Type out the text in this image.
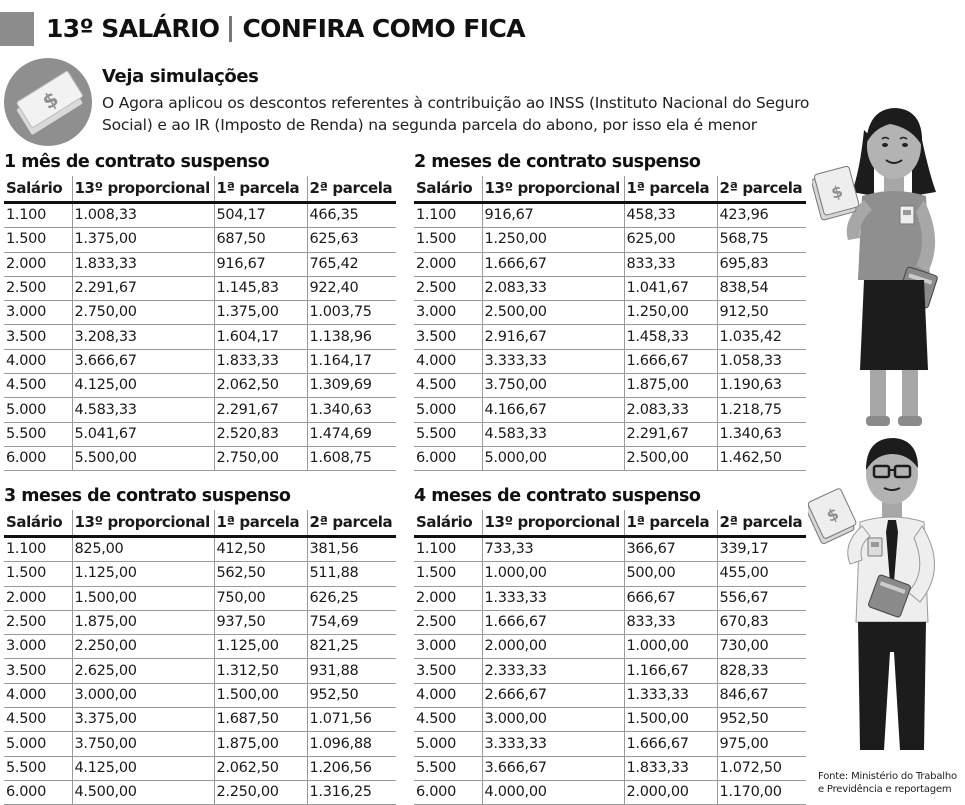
13º SALÁRIO CONFIRA COMO FICA
$
Veja simulações
O Agora aplicou os descontos referentes à contribuição ao INSS (Instituto Nacional do Seguro Social) e ao IR (Imposto de Renda) na segunda parcela do abono, por isso ela é menor
1 mês de contrato suspenso
Salário	13º proporcional	1ª parcela	2ª parcela
1.100	1.008,33	504,17	466,35
1.500	1.375,00	687,50	625,63
2.000	1.833,33	916,67	765,42
2.500	2.291,67	1.145,83	922,40
3.000	2.750,00	1.375,00	1.003,75
3.500	3.208,33	1.604,17	1.138,96
4.000	3.666,67	1.833,33	1.164,17
4.500	4.125,00	2.062,50	1.309,69
5.000	4.583,33	2.291,67	1.340,63
5.500	5.041,67	2.520,83	1.474,69
6.000	5.500,00	2.750,00	1.608,75
2 meses de contrato suspenso
Salário	13º proporcional	1ª parcela	2ª parcela
1.100	916,67	458,33	423,96
1.500	1.250,00	625,00	568,75
2.000	1.666,67	833,33	695,83
2.500	2.083,33	1.041,67	838,54
3.000	2.500,00	1.250,00	912,50
3.500	2.916,67	1.458,33	1.035,42
4.000	3.333,33	1.666,67	1.058,33
4.500	3.750,00	1.875,00	1.190,63
5.000	4.166,67	2.083,33	1.218,75
5.500	4.583,33	2.291,67	1.340,63
6.000	5.000,00	2.500,00	1.462,50
3 meses de contrato suspenso
Salário	13º proporcional	1ª parcela	2ª parcela
1.100	825,00	412,50	381,56
1.500	1.125,00	562,50	511,88
2.000	1.500,00	750,00	626,25
2.500	1.875,00	937,50	754,69
3.000	2.250,00	1.125,00	821,25
3.500	2.625,00	1.312,50	931,88
4.000	3.000,00	1.500,00	952,50
4.500	3.375,00	1.687,50	1.071,56
5.000	3.750,00	1.875,00	1.096,88
5.500	4.125,00	2.062,50	1.206,56
6.000	4.500,00	2.250,00	1.316,25
4 meses de contrato suspenso
Salário	13º proporcional	1ª parcela	2ª parcela
1.100	733,33	366,67	339,17
1.500	1.000,00	500,00	455,00
2.000	1.333,33	666,67	556,67
2.500	1.666,67	833,33	670,83
3.000	2.000,00	1.000,00	730,00
3.500	2.333,33	1.166,67	828,33
4.000	2.666,67	1.333,33	846,67
4.500	3.000,00	1.500,00	952,50
5.000	3.333,33	1.666,67	975,00
5.500	3.666,67	1.833,33	1.072,50
6.000	4.000,00	2.000,00	1.170,00
$
$
Fonte: Ministério do Trabalho
e Previdência e reportagem
